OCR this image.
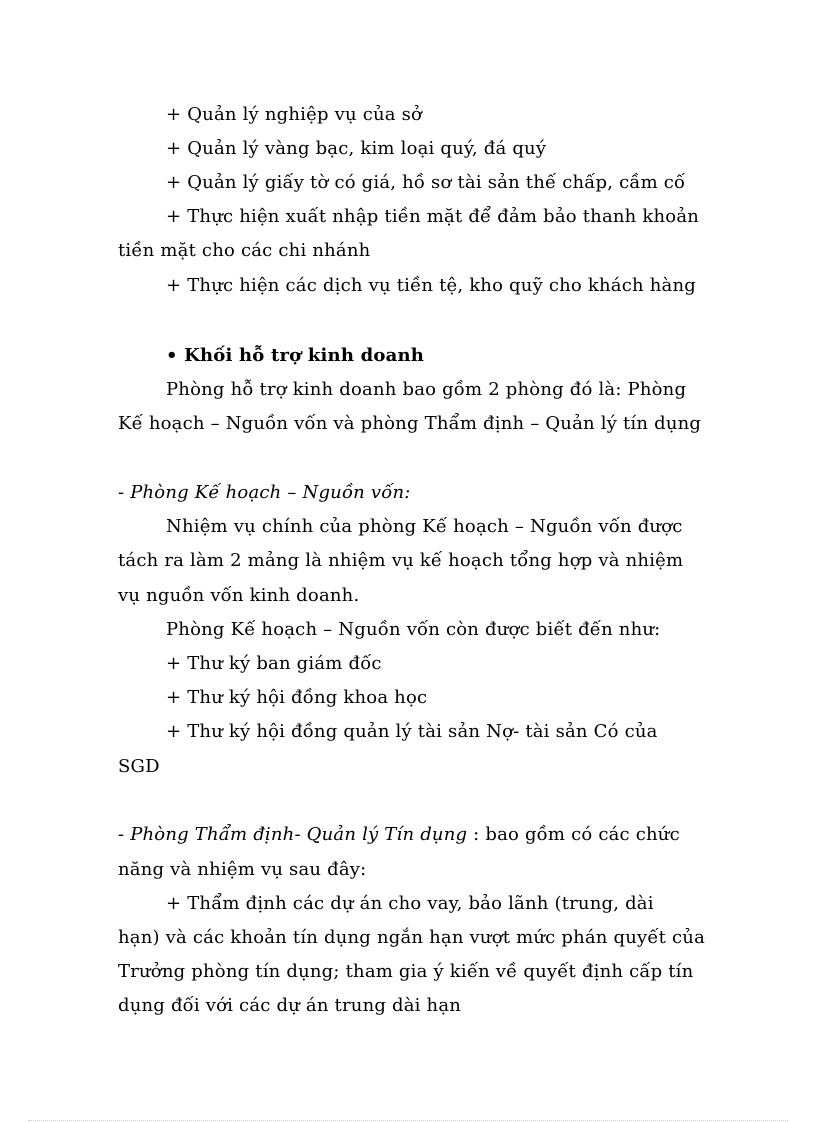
+ Quản lý nghiệp vụ của sở
+ Quản lý vàng bạc, kim loại quý, đá quý
+ Quản lý giấy tờ có giá, hồ sơ tài sản thế chấp, cầm cố
+ Thực hiện xuất nhập tiền mặt để đảm bảo thanh khoản
tiền mặt cho các chi nhánh
+ Thực hiện các dịch vụ tiền tệ, kho quỹ cho khách hàng
• Khối hỗ trợ kinh doanh
Phòng hỗ trợ kinh doanh bao gồm 2 phòng đó là: Phòng
Kế hoạch – Nguồn vốn và phòng Thẩm định – Quản lý tín dụng
- Phòng Kế hoạch – Nguồn vốn:
Nhiệm vụ chính của phòng Kế hoạch – Nguồn vốn được
tách ra làm 2 mảng là nhiệm vụ kế hoạch tổng hợp và nhiệm
vụ nguồn vốn kinh doanh.
Phòng Kế hoạch – Nguồn vốn còn được biết đến như:
+ Thư ký ban giám đốc
+ Thư ký hội đồng khoa học
+ Thư ký hội đồng quản lý tài sản Nợ- tài sản Có của
SGD
- Phòng Thẩm định- Quản lý Tín dụng : bao gồm có các chức
năng và nhiệm vụ sau đây:
+ Thẩm định các dự án cho vay, bảo lãnh (trung, dài
hạn) và các khoản tín dụng ngắn hạn vượt mức phán quyết của
Trưởng phòng tín dụng; tham gia ý kiến về quyết định cấp tín
dụng đối với các dự án trung dài hạn
